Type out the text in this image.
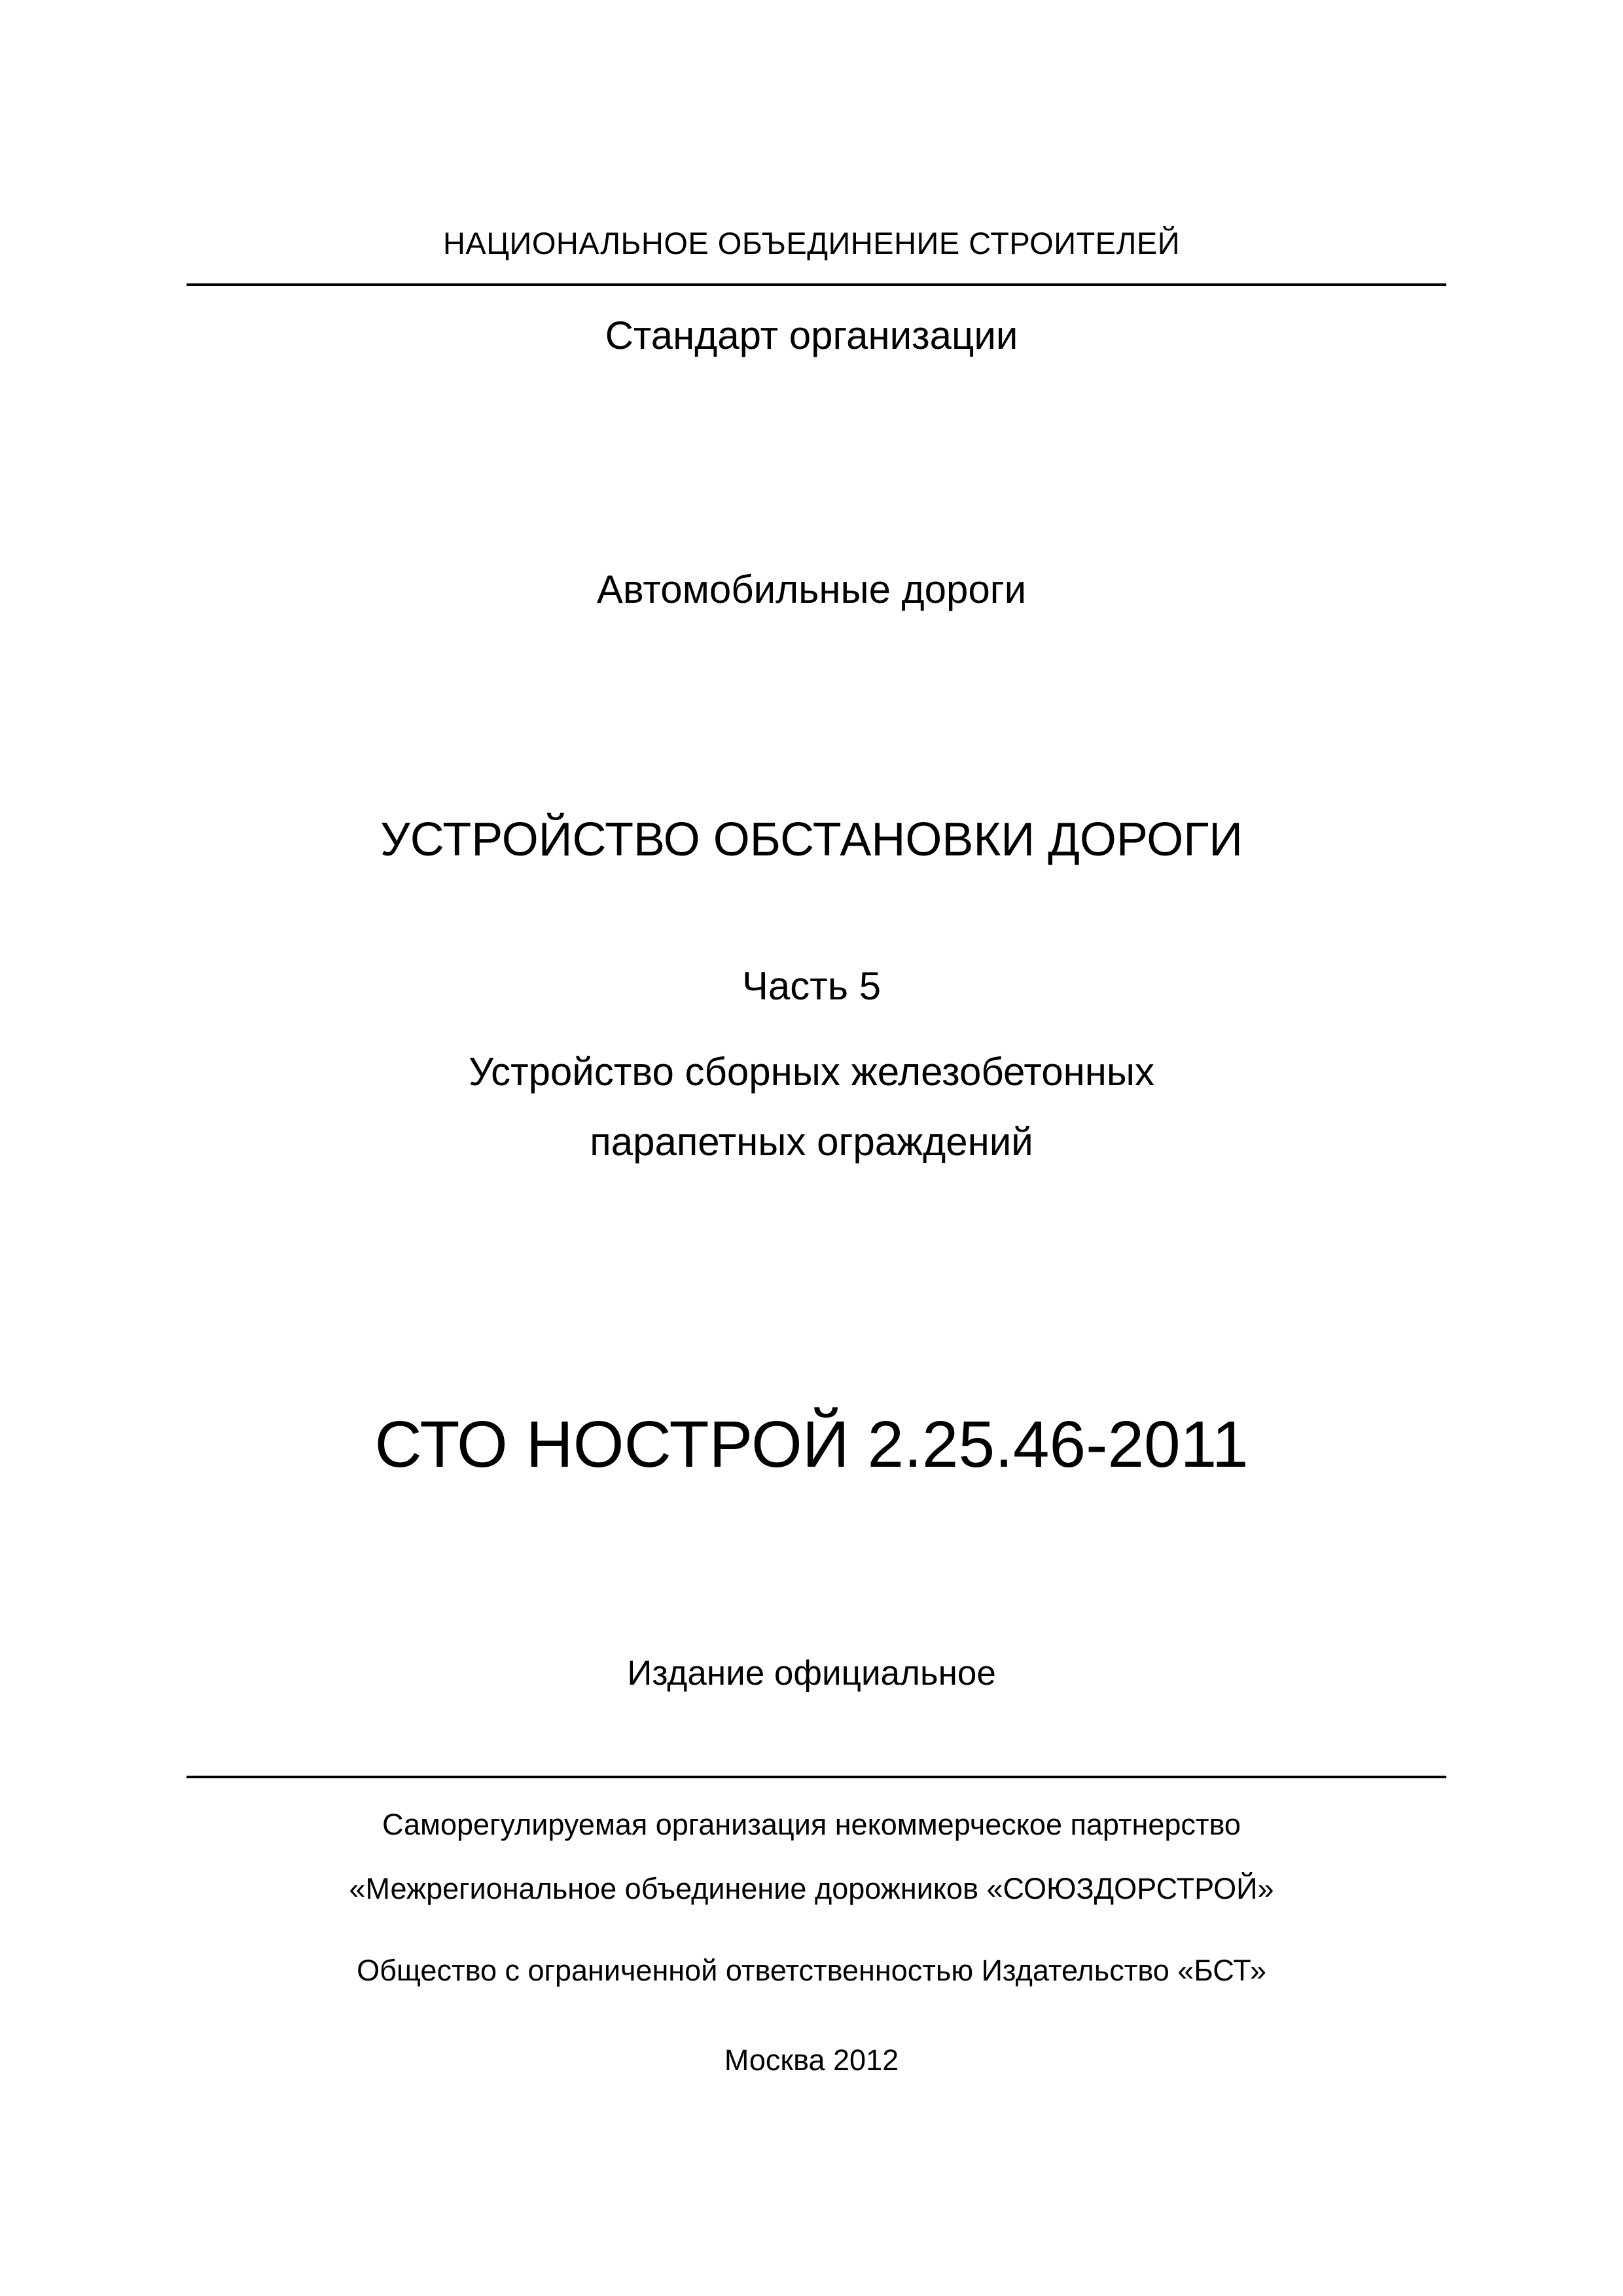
НАЦИОНАЛЬНОЕ ОБЪЕДИНЕНИЕ СТРОИТЕЛЕЙ
Стандарт организации
Автомобильные дороги
УСТРОЙСТВО ОБСТАНОВКИ ДОРОГИ
Часть 5
Устройство сборных железобетонных
парапетных ограждений
СТО НОСТРОЙ 2.25.46-2011
Издание официальное
Саморегулируемая организация некоммерческое партнерство
«Межрегиональное объединение дорожников «СОЮЗДОРСТРОЙ»
Общество с ограниченной ответственностью Издательство «БСТ»
Москва 2012
